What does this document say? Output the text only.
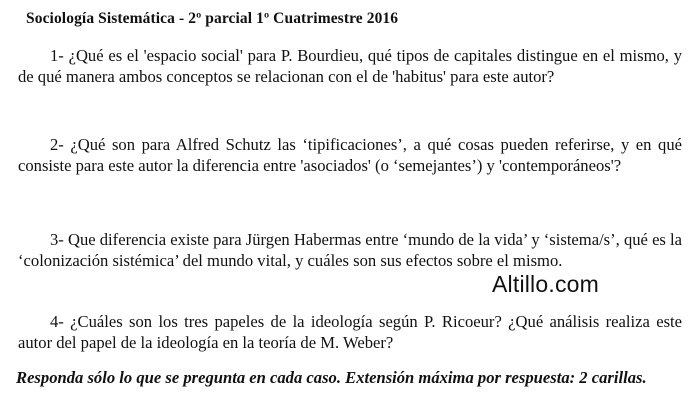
Sociología Sistemática - 2º parcial 1º Cuatrimestre 2016
1- ¿Qué es el 'espacio social' para P. Bourdieu, qué tipos de capitales distingue en el mismo, y de qué manera ambos conceptos se relacionan con el de 'habitus' para este autor?
2- ¿Qué son para Alfred Schutz las ‘tipificaciones’, a qué cosas pueden referirse, y en qué consiste para este autor la diferencia entre 'asociados' (o ‘semejantes’) y 'contemporáneos'?
3- Que diferencia existe para Jürgen Habermas entre ‘mundo de la vida’ y ‘sistema/s’, qué es la ‘colonización sistémica’ del mundo vital, y cuáles son sus efectos sobre el mismo.
4- ¿Cuáles son los tres papeles de la ideología según P. Ricoeur? ¿Qué análisis realiza este autor del papel de la ideología en la teoría de M. Weber?
Altillo.com
Responda sólo lo que se pregunta en cada caso. Extensión máxima por respuesta: 2 carillas.
